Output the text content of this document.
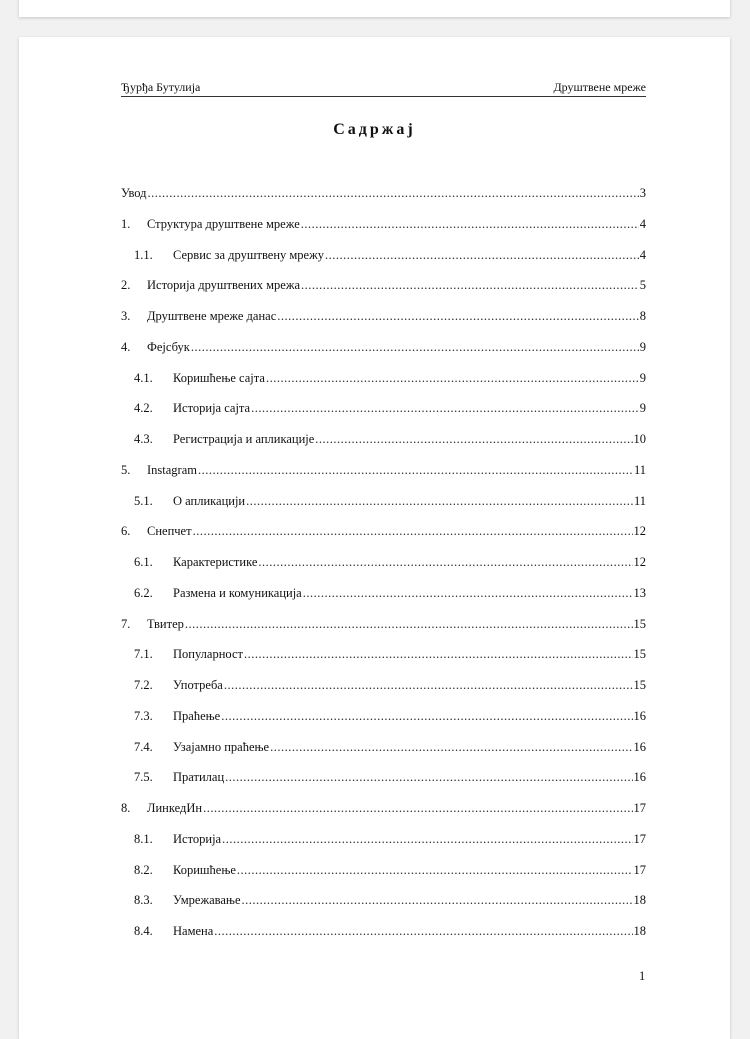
Ђурђа Бутулија	Друштвене мреже
Садржај
Увод .....	3
1.	Структура друштвене мреже .....	4
1.1.	Сервис за друштвену мрежу .....	4
2.	Историја друштвених мрежа .....	5
3.	Друштвене мреже данас .....	8
4.	Фејсбук .....	9
4.1.	Коришћење сајта .....	9
4.2.	Историја сајта .....	9
4.3.	Регистрација и апликације .....	10
5.	Instagram .....	11
5.1.	О апликацији .....	11
6.	Снепчет .....	12
6.1.	Карактеристике .....	12
6.2.	Размена и комуникација .....	13
7.	Твитер .....	15
7.1.	Популарност .....	15
7.2.	Употреба .....	15
7.3.	Праћење .....	16
7.4.	Узајамно праћење .....	16
7.5.	Пратилац .....	16
8.	ЛинкедИн .....	17
8.1.	Историја .....	17
8.2.	Коришћење .....	17
8.3.	Умрежавање .....	18
8.4.	Намена .....	18
1
